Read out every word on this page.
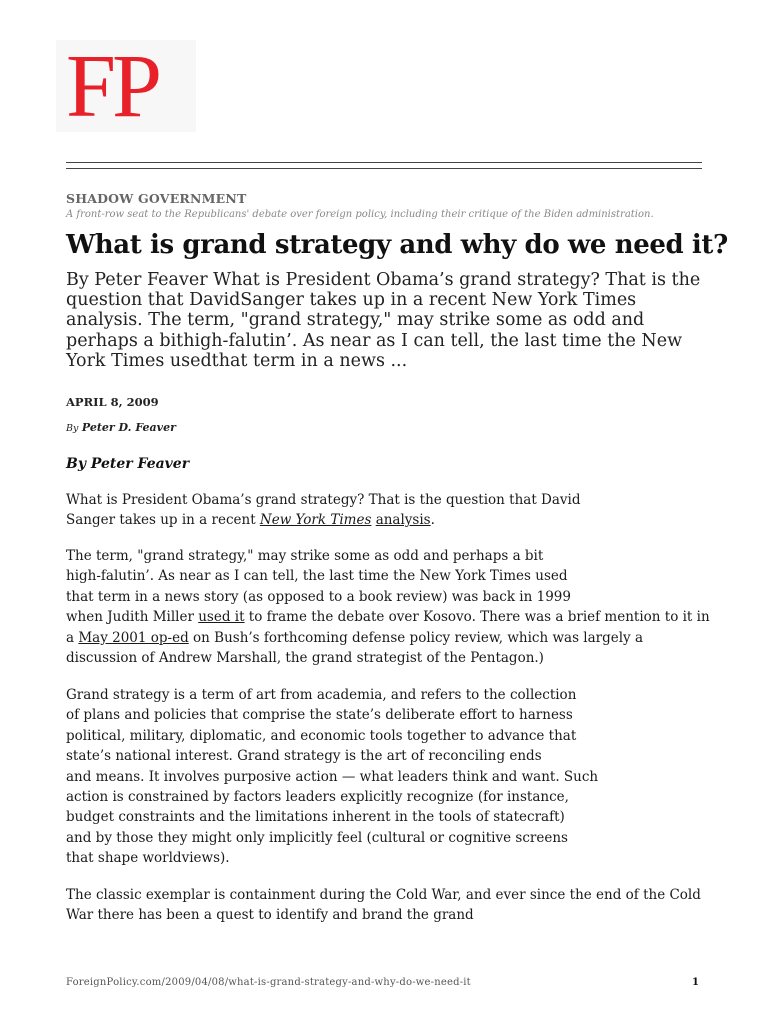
FP
SHADOW GOVERNMENT
A front-row seat to the Republicans' debate over foreign policy, including their critique of the Biden administration.
What is grand strategy and why do we need it?
By Peter Feaver What is President Obama’s grand strategy? That is the
question that DavidSanger takes up in a recent New York Times
analysis. The term, "grand strategy," may strike some as odd and
perhaps a bithigh-falutin’. As near as I can tell, the last time the New
York Times usedthat term in a news ...
APRIL 8, 2009
By Peter D. Feaver
By Peter Feaver
What is President Obama’s grand strategy? That is the question that David
Sanger takes up in a recent New York Times analysis.
The term, "grand strategy," may strike some as odd and perhaps a bit
high-falutin’. As near as I can tell, the last time the New York Times used
that term in a news story (as opposed to a book review) was back in 1999
when Judith Miller used it to frame the debate over Kosovo. There was a brief mention to it in
a May 2001 op-ed on Bush’s forthcoming defense policy review, which was largely a
discussion of Andrew Marshall, the grand strategist of the Pentagon.)
Grand strategy is a term of art from academia, and refers to the collection
of plans and policies that comprise the state’s deliberate effort to harness
political, military, diplomatic, and economic tools together to advance that
state’s national interest. Grand strategy is the art of reconciling ends
and means. It involves purposive action — what leaders think and want. Such
action is constrained by factors leaders explicitly recognize (for instance,
budget constraints and the limitations inherent in the tools of statecraft)
and by those they might only implicitly feel (cultural or cognitive screens
that shape worldviews).
The classic exemplar is containment during the Cold War, and ever since the end of the Cold
War there has been a quest to identify and brand the grand
ForeignPolicy.com/2009/04/08/what-is-grand-strategy-and-why-do-we-need-it	1
